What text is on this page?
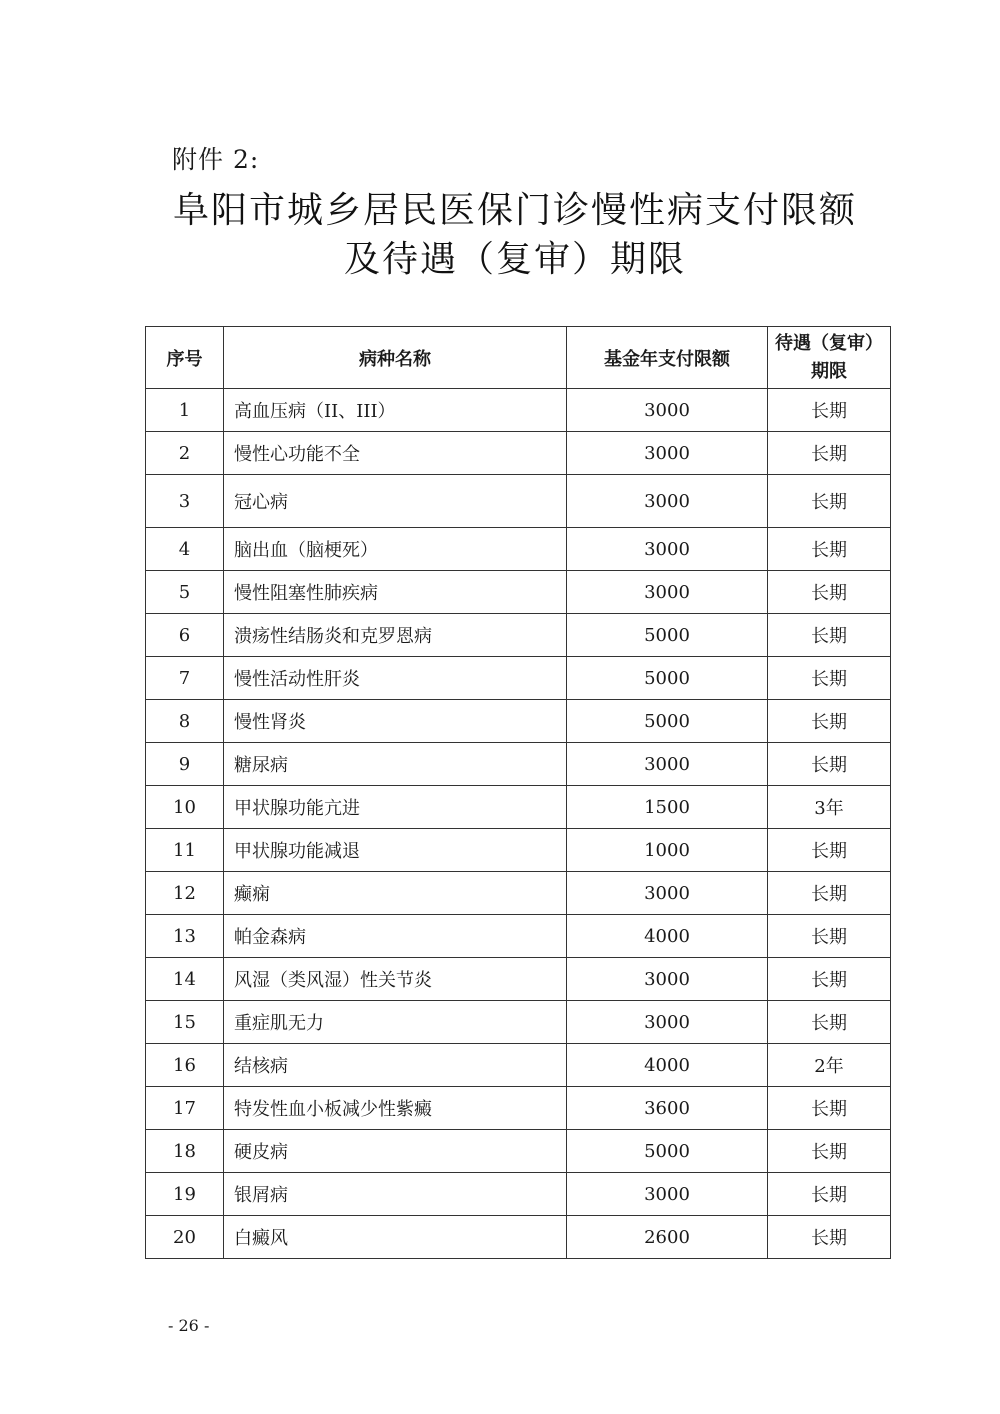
附件 2:
阜阳市城乡居民医保门诊慢性病支付限额
及待遇（复审）期限
序号	病种名称	基金年支付限额	待遇（复审）
期限

1	高血压病（II、III）	3000	长期
2	慢性心功能不全	3000	长期
3	冠心病	3000	长期
4	脑出血（脑梗死）	3000	长期
5	慢性阻塞性肺疾病	3000	长期
6	溃疡性结肠炎和克罗恩病	5000	长期
7	慢性活动性肝炎	5000	长期
8	慢性肾炎	5000	长期
9	糖尿病	3000	长期
10	甲状腺功能亢进	1500	3年
11	甲状腺功能减退	1000	长期
12	癫痫	3000	长期
13	帕金森病	4000	长期
14	风湿（类风湿）性关节炎	3000	长期
15	重症肌无力	3000	长期
16	结核病	4000	2年
17	特发性血小板减少性紫癜	3600	长期
18	硬皮病	5000	长期
19	银屑病	3000	长期
20	白癜风	2600	长期
- 26 -
